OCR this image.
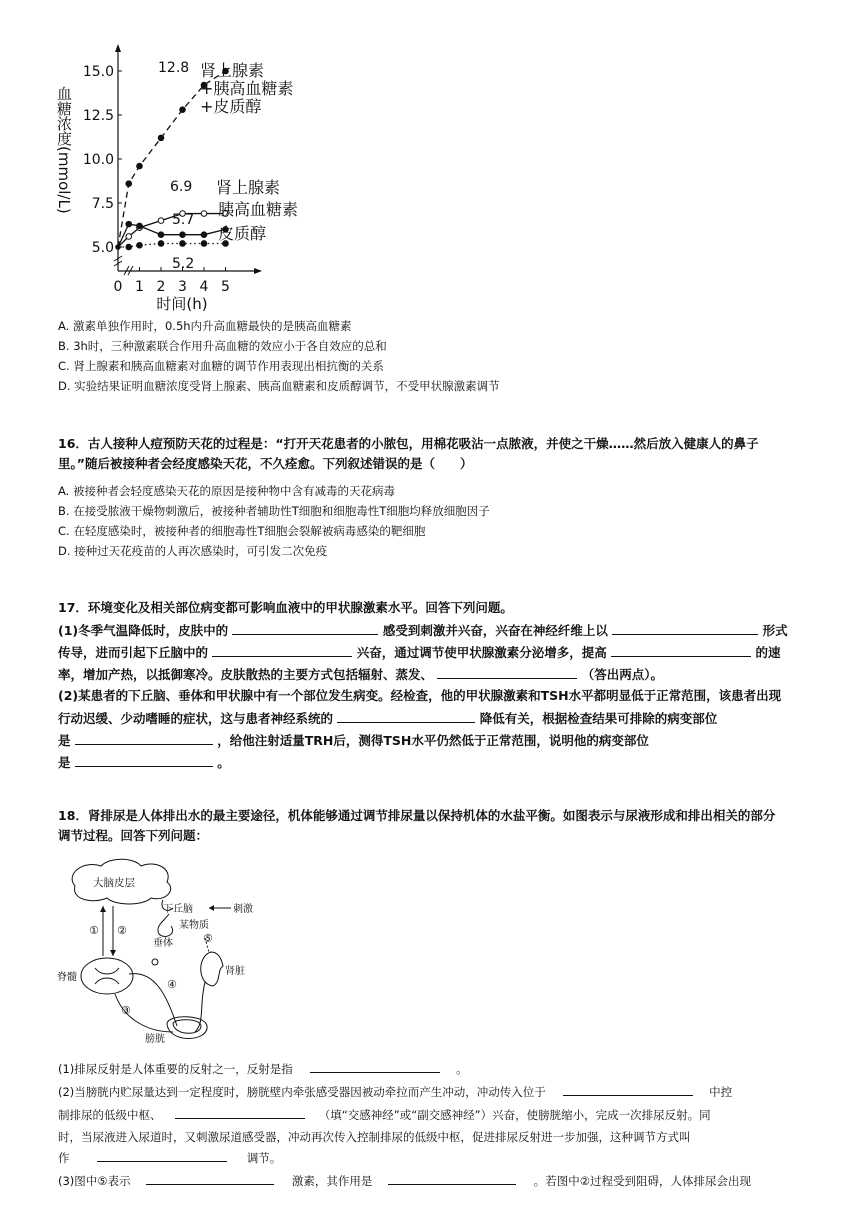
5.0
7.5
10.0
12.5
15.0
0 1 2 3 4 5
血糖浓度(mmol/L)
时间(h)
肾上腺素
+胰高血糖素
+皮质醇
12.8
肾上腺素
6.9
胰高血糖素
5.7
皮质醇
5.2
A. 激素单独作用时，0.5h内升高血糖最快的是胰高血糖素
B. 3h时，三种激素联合作用升高血糖的效应小于各自效应的总和
C. 肾上腺素和胰高血糖素对血糖的调节作用表现出相抗衡的关系
D. 实验结果证明血糖浓度受肾上腺素、胰高血糖素和皮质醇调节，不受甲状腺激素调节
16．古人接种人痘预防天花的过程是：“打开天花患者的小脓包，用棉花吸沾一点脓液，并使之干燥……然后放入健康人的鼻子
里。”随后被接种者会经度感染天花，不久痊愈。下列叙述错误的是（　　）
A. 被接种者会轻度感染天花的原因是接种物中含有减毒的天花病毒
B. 在接受脓液干燥物刺激后，被接种者辅助性T细胞和细胞毒性T细胞均释放细胞因子
C. 在轻度感染时，被接种者的细胞毒性T细胞会裂解被病毒感染的靶细胞
D. 接种过天花疫苗的人再次感染时，可引发二次免疫
17．环境变化及相关部位病变都可影响血液中的甲状腺激素水平。回答下列问题。
(1)冬季气温降低时，皮肤中的	感受到刺激并兴奋，兴奋在神经纤维上以	形式
传导，进而引起下丘脑中的	兴奋，通过调节使甲状腺激素分泌增多，提高	的速
率，增加产热，以抵御寒冷。皮肤散热的主要方式包括辐射、蒸发、	（答出两点）。
(2)某患者的下丘脑、垂体和甲状腺中有一个部位发生病变。经检查，他的甲状腺激素和TSH水平都明显低于正常范围，该患者出现
行动迟缓、少动嗜睡的症状，这与患者神经系统的	降低有关，根据检查结果可排除的病变部位
是	，给他注射适量TRH后，测得TSH水平仍然低于正常范围，说明他的病变部位
是	。
18．肾排尿是人体排出水的最主要途径，机体能够通过调节排尿量以保持机体的水盐平衡。如图表示与尿液形成和排出相关的部分
调节过程。回答下列问题：
大脑皮层
下丘脑	刺激
某物质
垂体	⑤
① ②
脊髓
④
③
肾脏
膀胱
(1)排尿反射是人体重要的反射之一，反射是指	。
(2)当膀胱内贮尿量达到一定程度时，膀胱壁内牵张感受器因被动牵拉而产生冲动，冲动传入位于	中控
制排尿的低级中枢、	（填“交感神经”或“副交感神经”）兴奋，使膀胱缩小，完成一次排尿反射。同
时，当尿液进入尿道时，又刺激尿道感受器，冲动再次传入控制排尿的低级中枢，促进排尿反射进一步加强，这种调节方式叫
作	调节。
(3)图中⑤表示	激素，其作用是	。若图中②过程受到阻碍，人体排尿会出现
